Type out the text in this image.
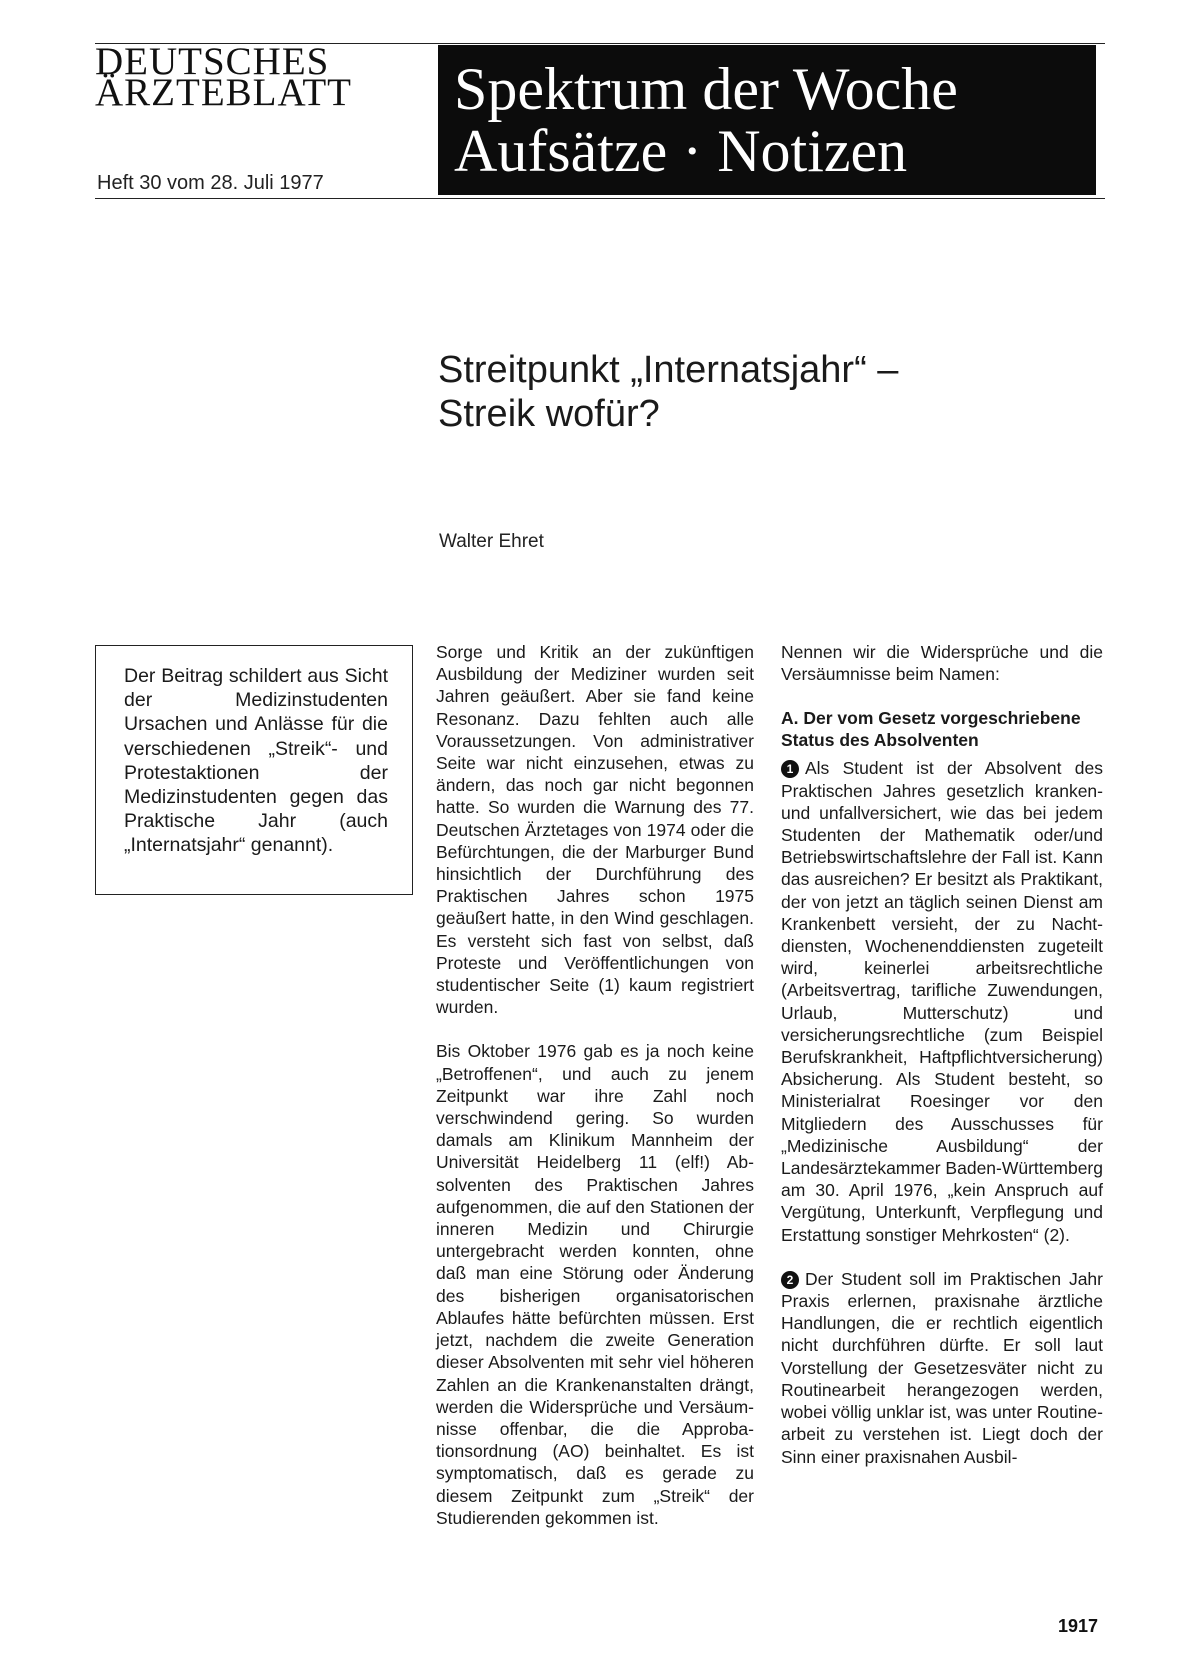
DEUTSCHES
ÄRZTEBLATT
Heft 30 vom 28. Juli 1977
Spektrum der Woche
Aufsätze · Notizen
Streitpunkt „Internatsjahr“ –
Streik wofür?
Walter Ehret

Der Beitrag schildert aus Sicht der Medizinstudenten Ursachen und Anlässe für die verschiedenen „Streik“- und Protestaktionen der Medizinstudenten gegen das Praktische Jahr (auch „Internatsjahr“ genannt).

Sorge und Kritik an der zukünftigen Ausbildung der Mediziner wurden seit Jahren geäußert. Aber sie fand keine Resonanz. Dazu fehlten auch alle Voraussetzungen. Von administrativer Seite war nicht einzusehen, etwas zu ändern, das noch gar nicht begonnen hatte. So wurden die Warnung des 77. Deutschen Ärztetages von 1974 oder die Befürchtungen, die der Marburger Bund hinsichtlich der Durchführung des Praktischen Jahres schon 1975 geäußert hatte, in den Wind geschlagen. Es versteht sich fast von selbst, daß Proteste und Veröffentlichungen von studentischer Seite (1) kaum registriert wurden.

Bis Oktober 1976 gab es ja noch keine „Betroffenen“, und auch zu jenem Zeitpunkt war ihre Zahl noch verschwindend gering. So wurden damals am Klinikum Mannheim der Universität Heidelberg 11 (elf!) Absolventen des Praktischen Jahres aufgenommen, die auf den Stationen der inneren Medizin und Chirurgie untergebracht werden konnten, ohne daß man eine Störung oder Änderung des bisherigen organisatorischen Ablaufes hätte befürchten müssen. Erst jetzt, nachdem die zweite Generation dieser Absolventen mit sehr viel höheren Zahlen an die Krankenanstalten drängt, werden die Widersprüche und Versäumnisse offenbar, die die Approbationsordnung (AO) beinhaltet. Es ist symptomatisch, daß es gerade zu diesem Zeitpunkt zum „Streik“ der Studierenden gekommen ist.

Nennen wir die Widersprüche und die Versäumnisse beim Namen:

A. Der vom Gesetz vorgeschriebene Status des Absolventen

1 Als Student ist der Absolvent des Praktischen Jahres gesetzlich kranken- und unfallversichert, wie das bei jedem Studenten der Mathematik oder/und Betriebswirtschaftslehre der Fall ist. Kann das ausreichen? Er besitzt als Praktikant, der von jetzt an täglich seinen Dienst am Krankenbett versieht, der zu Nachtdiensten, Wochenenddiensten zugeteilt wird, keinerlei arbeitsrechtliche (Arbeitsvertrag, tarifliche Zuwendungen, Urlaub, Mutterschutz) und versicherungsrechtliche (zum Beispiel Berufskrankheit, Haftpflichtversicherung) Absicherung. Als Student besteht, so Ministerialrat Roesinger vor den Mitgliedern des Ausschusses für „Medizinische Ausbildung“ der Landesärztekammer Baden-Württemberg am 30. April 1976, „kein Anspruch auf Vergütung, Unterkunft, Verpflegung und Erstattung sonstiger Mehrkosten“ (2).

2 Der Student soll im Praktischen Jahr Praxis erlernen, praxisnahe ärztliche Handlungen, die er rechtlich eigentlich nicht durchführen dürfte. Er soll laut Vorstellung der Gesetzesväter nicht zu Routinearbeit herangezogen werden, wobei völlig unklar ist, was unter Routinearbeit zu verstehen ist. Liegt doch der Sinn einer praxisnahen Ausbil-

1917
